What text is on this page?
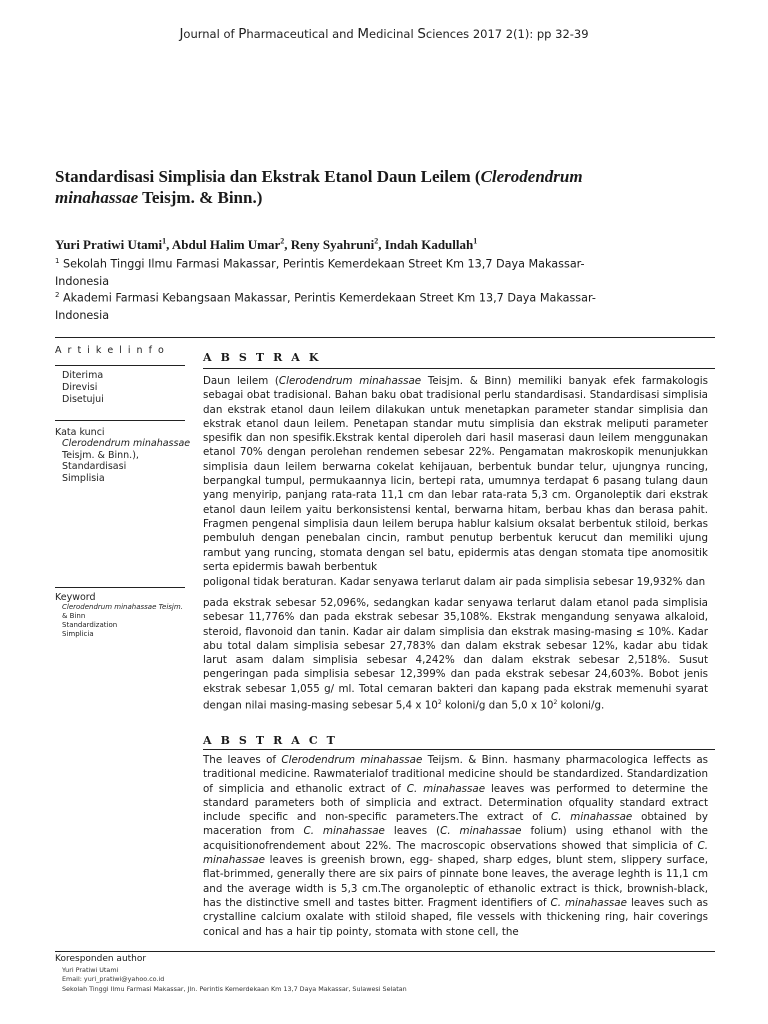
Journal of Pharmaceutical and Medicinal Sciences 2017 2(1): pp 32-39
Standardisasi Simplisia dan Ekstrak Etanol Daun Leilem (Clerodendrum
minahassae Teisjm. & Binn.)
Yuri Pratiwi Utami$^1$, Abdul Halim Umar$^2$, Reny Syahruni$^2$, Indah Kadullah$^1$
$^1$ Sekolah Tinggi Ilmu Farmasi Makassar, Perintis Kemerdekaan Street Km 13,7 Daya Makassar-
Indonesia
$^2$ Akademi Farmasi Kebangsaan Makassar, Perintis Kemerdekaan Street Km 13,7 Daya Makassar-
Indonesia
A r t i k e l i n f o
Diterima
Direvisi
Disetujui
Kata kunci
Clerodendrum minahassae
Teisjm. & Binn.),
Standardisasi
Simplisia
Keyword
Clerodendrum minahassae Teisjm.
& Binn
Standardization
Simplicia
A B S T R A K
Daun leilem (Clerodendrum minahassae Teisjm. & Binn) memiliki banyak efek farmakologis sebagai obat tradisional. Bahan baku obat tradisional perlu standardisasi. Standardisasi simplisia dan ekstrak etanol daun leilem dilakukan untuk menetapkan parameter standar simplisia dan ekstrak etanol daun leilem. Penetapan standar mutu simplisia dan ekstrak meliputi parameter spesifik dan non spesifik.Ekstrak kental diperoleh dari hasil maserasi daun leilem menggunakan etanol 70% dengan perolehan rendemen sebesar 22%. Pengamatan makroskopik menunjukkan simplisia daun leilem berwarna cokelat kehijauan, berbentuk bundar telur, ujungnya runcing, berpangkal tumpul, permukaannya licin, bertepi rata, umumnya terdapat 6 pasang tulang daun yang menyirip, panjang rata-rata 11,1 cm dan lebar rata-rata 5,3 cm. Organoleptik dari ekstrak etanol daun leilem yaitu berkonsistensi kental, berwarna hitam, berbau khas dan berasa pahit. Fragmen pengenal simplisia daun leilem berupa hablur kalsium oksalat berbentuk stiloid, berkas pembuluh dengan penebalan cincin, rambut penutup berbentuk kerucut dan memiliki ujung rambut yang runcing, stomata dengan sel batu, epidermis atas dengan stomata tipe anomositik serta epidermis bawah berbentuk
poligonal tidak beraturan. Kadar senyawa terlarut dalam air pada simplisia sebesar 19,932% dan
pada ekstrak sebesar 52,096%, sedangkan kadar senyawa terlarut dalam etanol pada simplisia sebesar 11,776% dan pada ekstrak sebesar 35,108%. Ekstrak mengandung senyawa alkaloid, steroid, flavonoid dan tanin. Kadar air dalam simplisia dan ekstrak masing-masing ≤ 10%. Kadar abu total dalam simplisia sebesar 27,783% dan dalam ekstrak sebesar 12%, kadar abu tidak larut asam dalam simplisia sebesar 4,242% dan dalam ekstrak sebesar 2,518%. Susut pengeringan pada simplisia sebesar 12,399% dan pada ekstrak sebesar 24,603%. Bobot jenis ekstrak sebesar 1,055 g/ ml. Total cemaran bakteri dan kapang pada ekstrak memenuhi syarat dengan nilai masing-masing sebesar 5,4 x $10^2$ koloni/g dan 5,0 x $10^2$ koloni/g.
A B S T R A C T
The leaves of Clerodendrum minahassae Teijsm. & Binn. hasmany pharmacologica leffects as traditional medicine. Rawmaterialof traditional medicine should be standardized. Standardization of simplicia and ethanolic extract of C. minahassae leaves was performed to determine the standard parameters both of simplicia and extract. Determination ofquality standard extract include specific and non-specific parameters.The extract of C. minahassae obtained by maceration from C. minahassae leaves (C. minahassae folium) using ethanol with the acquisitionofrendement about 22%. The macroscopic observations showed that simplicia of C. minahassae leaves is greenish brown, egg- shaped, sharp edges, blunt stem, slippery surface, flat-brimmed, generally there are six pairs of pinnate bone leaves, the average leghth is 11,1 cm and the average width is 5,3 cm.The organoleptic of ethanolic extract is thick, brownish-black, has the distinctive smell and tastes bitter. Fragment identifiers of C. minahassae leaves such as crystalline calcium oxalate with stiloid shaped, file vessels with thickening ring, hair coverings conical and has a hair tip pointy, stomata with stone cell, the
Koresponden author
Yuri Pratiwi Utami
Email: yuri_pratiwi@yahoo.co.id
Sekolah Tinggi Ilmu Farmasi Makassar, Jln. Perintis Kemerdekaan Km 13,7 Daya Makassar, Sulawesi Selatan
